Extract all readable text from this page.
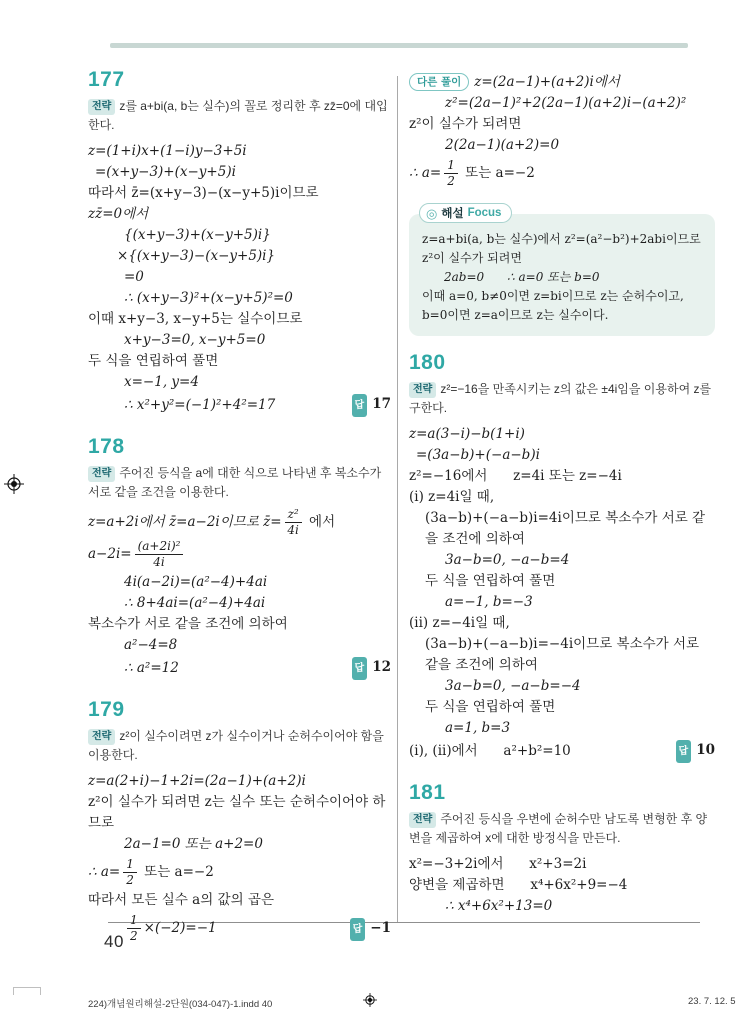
177

전략 z를 a+bi(a, b는 실수)의 꼴로 정리한 후 zz̄=0에 대입한다.

z=(1+i)x+(1−i)y−3+5i
=(x+y−3)+(x−y+5)i
따라서 z̄=(x+y−3)−(x−y+5)i이므로
zz̄=0에서
{(x+y−3)+(x−y+5)i}
×{(x+y−3)−(x−y+5)i}
=0
∴ (x+y−3)²+(x−y+5)²=0
이때 x+y−3, x−y+5는 실수이므로
x+y−3=0, x−y+5=0
두 식을 연립하여 풀면
x=−1, y=4
∴ x²+y²=(−1)²+4²=17	답 17
178

전략 주어진 등식을 a에 대한 식으로 나타낸 후 복소수가 서로 같을 조건을 이용한다.

z=a+2i에서 z̄=a−2i이므로 z̄= $\frac{\text{z²}}{4i}$ 에서
$a-2i= \frac{\text{(a+2i)²}}{4i}$
4i(a−2i)=(a²−4)+4ai
∴ 8+4ai=(a²−4)+4ai
복소수가 서로 같을 조건에 의하여
a²−4=8
∴ a²=12	답 12
179

전략 z²이 실수이려면 z가 실수이거나 순허수이어야 함을 이용한다.

z=a(2+i)−1+2i=(2a−1)+(a+2)i
z²이 실수가 되려면 z는 실수 또는 순허수이어야 하므로
2a−1=0 또는 a+2=0
∴ $a= \frac{1}{2}$ 또는 a=−2
따라서 모든 실수 a의 값의 곱은
$\frac{1}{2} \times(-2)=-1$	답 −1
다른 풀이 z=(2a−1)+(a+2)i에서
z²=(2a−1)²+2(2a−1)(a+2)i−(a+2)²
z²이 실수가 되려면
2(2a−1)(a+2)=0
∴ $a= \frac{1}{2}$ 또는 a=−2
◎ 해설 Focus
z=a+bi(a, b는 실수)에서 z²=(a²−b²)+2abi이므로 z²이 실수가 되려면
2ab=0      ∴ a=0 또는 b=0
이때 a=0, b≠0이면 z=bi이므로 z는 순허수이고, b=0이면 z=a이므로 z는 실수이다.
180

전략 z²=−16을 만족시키는 z의 값은 ±4i임을 이용하여 z를 구한다.

z=a(3−i)−b(1+i)
=(3a−b)+(−a−b)i
z²=−16에서      z=4i 또는 z=−4i
(i) z=4i일 때,
(3a−b)+(−a−b)i=4i이므로 복소수가 서로 같을 조건에 의하여
3a−b=0, −a−b=4
두 식을 연립하여 풀면
a=−1, b=−3
(ii) z=−4i일 때,
(3a−b)+(−a−b)i=−4i이므로 복소수가 서로 같을 조건에 의하여
3a−b=0, −a−b=−4
두 식을 연립하여 풀면
a=1, b=3
(i), (ii)에서      a²+b²=10	답 10
181

전략 주어진 등식을 우변에 순허수만 남도록 변형한 후 양변을 제곱하여 x에 대한 방정식을 만든다.

x²=−3+2i에서      x²+3=2i
양변을 제곱하면      x⁴+6x²+9=−4
∴ x⁴+6x²+13=0
40
224)개념원리해설-2단원(034-047)-1.indd 40	23. 7. 12. 5
